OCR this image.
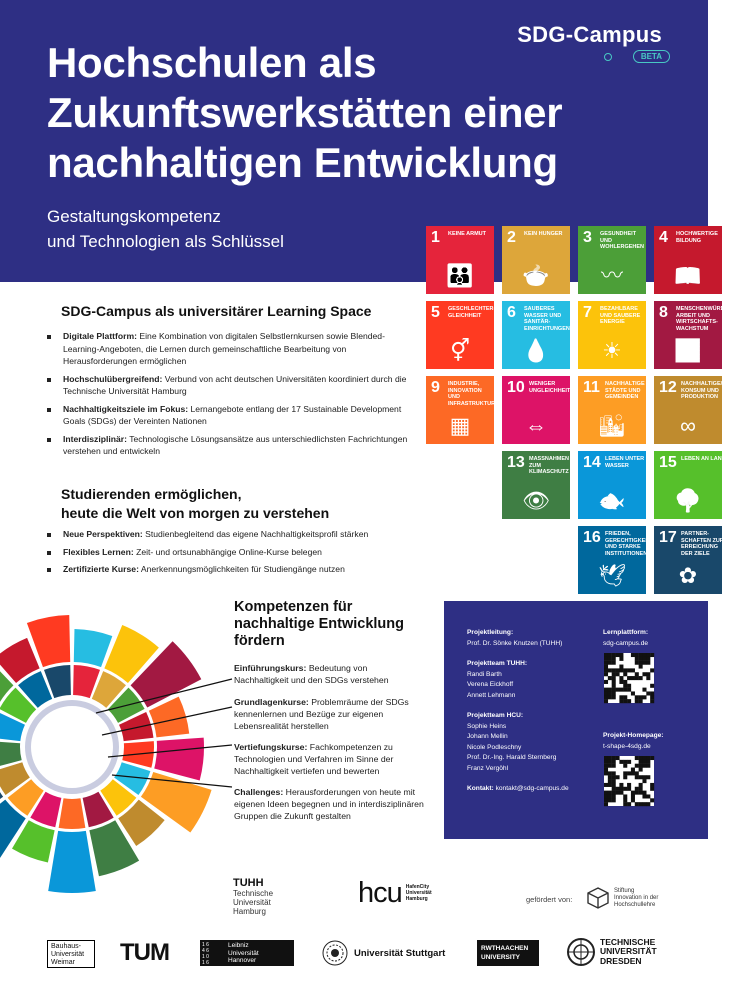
SDG-Campus
BETA
Hochschulen als
Zukunftswerkstätten einer
nachhaltigen Entwicklung
Gestaltungskompetenz
und Technologien als Schlüssel	1 KEINE ARMUT
👪
2 KEIN HUNGER
🍲
3 GESUNDHEIT UND WOHLERGEHEN
〰
4 HOCHWERTIGE BILDUNG
📖
5 GESCHLECHTER-GLEICHHEIT
⚥
6 SAUBERES WASSER UND SANITÄR-EINRICHTUNGEN
💧
7 BEZAHLBARE UND SAUBERE ENERGIE
☀
8 MENSCHENWÜRDIGE ARBEIT UND WIRTSCHAFTS-WACHSTUM
📈
9 INDUSTRIE, INNOVATION UND INFRASTRUKTUR
▦
10 WENIGER UNGLEICHHEITEN
⇔
11 NACHHALTIGE STÄDTE UND GEMEINDEN
🏙
12 NACHHALTIGE/R KONSUM UND PRODUKTION
∞
13 MASSNAHMEN ZUM KLIMASCHUTZ
👁
14 LEBEN UNTER WASSER
🐟
15 LEBEN AN LAND
🌳
16 FRIEDEN, GERECHTIGKEIT UND STARKE INSTITUTIONEN
🕊
17 PARTNER-SCHAFTEN ZUR ERREICHUNG DER ZIELE
✿
SDG-Campus als universitärer Learning Space
Digitale Plattform: Eine Kombination von digitalen Selbstlernkursen sowie Blended-Learning-Angeboten, die Lernen durch gemeinschaftliche Bearbeitung von Herausforderungen ermöglichen
Hochschulübergreifend: Verbund von acht deutschen Universitäten koordiniert durch die Technische Universität Hamburg
Nachhaltigkeitsziele im Fokus: Lernangebote entlang der 17 Sustainable Development Goals (SDGs) der Vereinten Nationen
Interdisziplinär: Technologische Lösungsansätze aus unterschiedlichsten Fachrichtungen verstehen und entwickeln
Studierenden ermöglichen,
heute die Welt von morgen zu verstehen
Neue Perspektiven: Studienbegleitend das eigene Nachhaltigkeitsprofil stärken
Flexibles Lernen: Zeit- und ortsunabhängige Online-Kurse belegen
Zertifizierte Kurse: Anerkennungsmöglichkeiten für Studiengänge nutzen
Kompetenzen für
nachhaltige Entwicklung
fördern
Einführungskurs: Bedeutung von Nachhaltigkeit und den SDGs verstehen
Grundlagenkurse: Problemräume der SDGs kennenlernen und Bezüge zur eigenen Lebensrealität herstellen
Vertiefungskurse: Fachkompetenzen zu Technologien und Verfahren im Sinne der Nachhaltigkeit vertiefen und bewerten
Challenges: Herausforderungen von heute mit eigenen Ideen begegnen und in interdisziplinären Gruppen die Zukunft gestalten
Projektleitung:
Prof. Dr. Sönke Knutzen (TUHH)
Projektteam TUHH:
Randi Barth
Verena Eickhoff
Annett Lehmann
Projektteam HCU:
Sophie Heins
Johann Mellin
Nicole Podleschny
Prof. Dr.-Ing. Harald Sternberg
Franz Vergöhl
Kontakt: kontakt@sdg-campus.de
Lernplattform:
sdg-campus.de
Projekt-Homepage:
t-shape-4sdg.de
TUHH
Technische
Universität
Hamburg
hcu HafenCity
Universität
Hamburg	gefördert von:
Stiftung
Innovation in der
Hochschullehre
Bauhaus-
Universität
Weimar	TUM	1 6
4 6
1 0
1 6
Leibniz
Universität
Hannover
Universität Stuttgart	RWTHAACHEN
UNIVERSITY
TECHNISCHE
UNIVERSITÄT
DRESDEN
